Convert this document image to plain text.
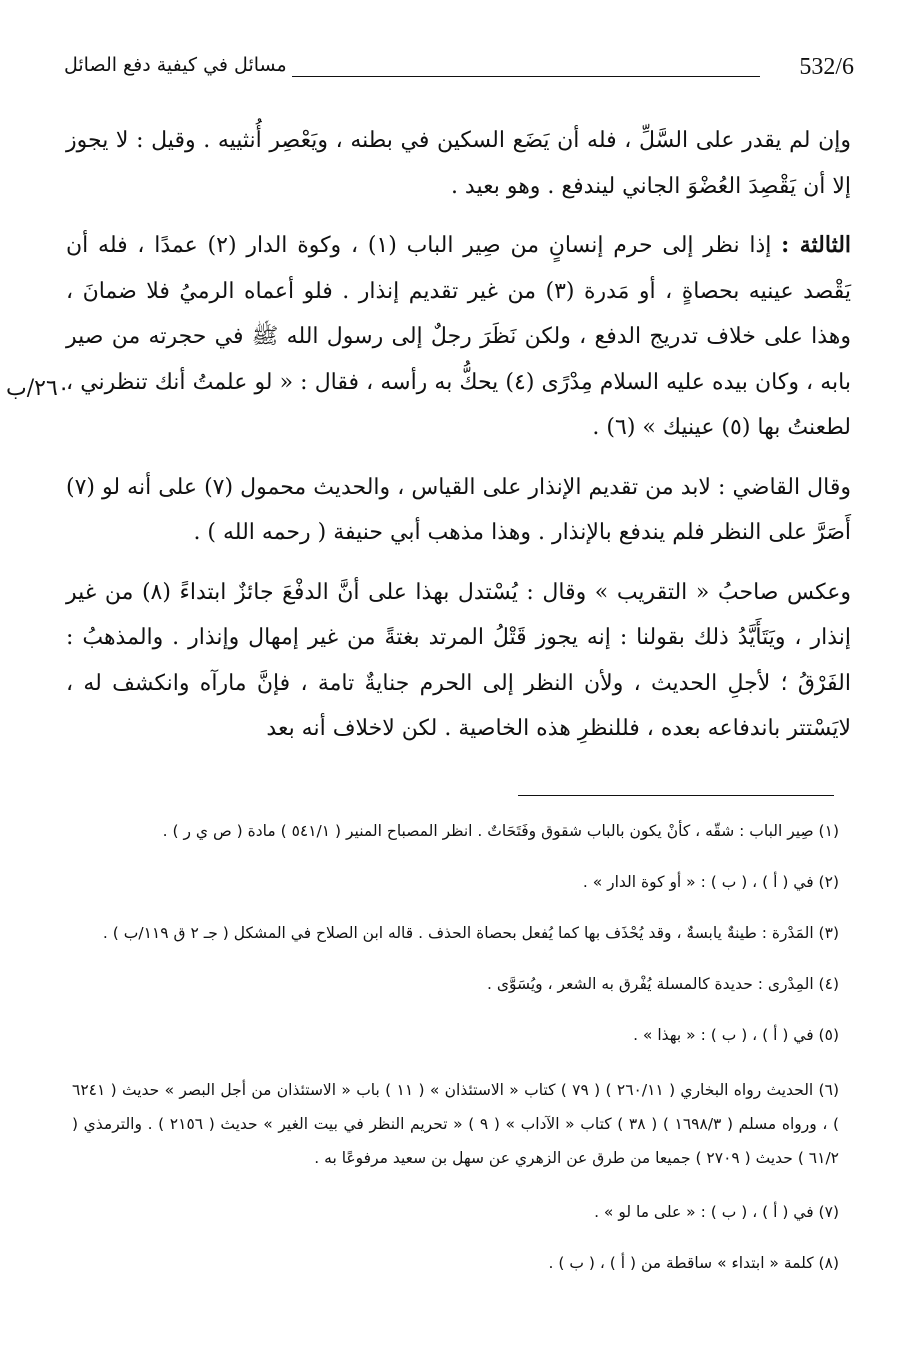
532/6
مسائل في كيفية دفع الصائل

وإن لم يقدر على السَّلِّ ، فله أن يَضَع السكين في بطنه ، ويَعْصِر أُنثييه . وقيل : لا يجوز إلا أن يَقْصِدَ العُضْوَ الجاني ليندفع . وهو بعيد .

الثالثة : إذا نظر إلى حرم إنسانٍ من صِير الباب (١) ، وكوة الدار (٢) عمدًا ، فله أن يَقْصد عينيه بحصاةٍ ، أو مَدرة (٣) من غير تقديم إنذار . فلو أعماه الرميُ فلا ضمانَ ، وهذا على خلاف تدريج الدفع ، ولكن نَظَرَ رجلٌ إلى رسول الله ﷺ في حجرته من صير بابه ، وكان بيده عليه السلام مِدْرًى (٤) يحكُّ به رأسه ، فقال : « لو علمتُ أنك تنظرني ، لطعنتُ بها (٥) عينيك » (٦) .

وقال القاضي : لابد من تقديم الإنذار على القياس ، والحديث محمول (٧) على أنه لو (٧) أَصَرَّ على النظر فلم يندفع بالإنذار . وهذا مذهب أبي حنيفة ( رحمه الله ) .

وعكس صاحبُ « التقريب » وقال : يُسْتدل بهذا على أنَّ الدفْعَ جائزٌ ابتداءً (٨) من غير إنذار ، ويَتَأَيَّدُ ذلك بقولنا : إنه يجوز قَتْلُ المرتد بغتةً من غير إمهال وإنذار . والمذهبُ : الفَرْقُ ؛ لأجلِ الحديث ، ولأن النظر إلى الحرم جنايةٌ تامة ، فإنَّ مارآه وانكشف له ، لايَسْتتر باندفاعه بعده ، فللنظرِ هذه الخاصية . لكن لاخلاف أنه بعد

٢٦٠/ب

(١) صِير الباب : شقّه ، كأنْ يكون بالباب شقوق وفَتَحَاتٌ . انظر المصباح المنير ( ٥٤١/١ ) مادة ( ص ي ر ) .

(٢) في ( أ ) ، ( ب ) : « أو كوة الدار » .

(٣) المَدْرة : طينةٌ يابسةٌ ، وقد يُحْذَف بها كما يُفعل بحصاة الحذف . قاله ابن الصلاح في المشكل ( جـ ٢ ق ١١٩/ب ) .

(٤) المِدْرى : حديدة كالمسلة يُفْرق به الشعر ، ويُسَوَّى .

(٥) في ( أ ) ، ( ب ) : « بهذا » .

(٦) الحديث رواه البخاري ( ٢٦٠/١١ ) ( ٧٩ ) كتاب « الاستئذان » ( ١١ ) باب « الاستئذان من أجل البصر » حديث ( ٦٢٤١ ) ، ورواه مسلم ( ١٦٩٨/٣ ) ( ٣٨ ) كتاب « الآداب » ( ٩ ) « تحريم النظر في بيت الغير » حديث ( ٢١٥٦ ) . والترمذي ( ٦١/٢ ) حديث ( ٢٧٠٩ ) جميعا من طرق عن الزهري عن سهل بن سعيد مرفوعًا به .

(٧) في ( أ ) ، ( ب ) : « على ما لو » .

(٨) كلمة « ابتداء » ساقطة من ( أ ) ، ( ب ) .
